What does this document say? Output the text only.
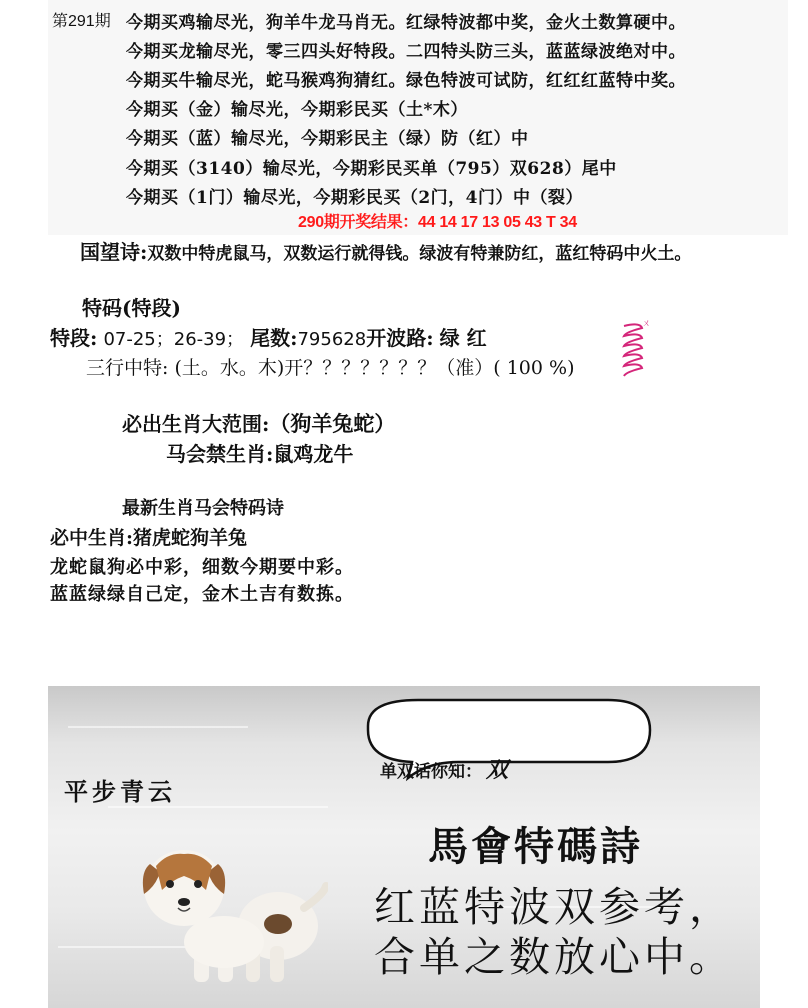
第291期 今期买鸡输尽光，狗羊牛龙马肖无。红绿特波都中奖，金火土数算硬中。
今期买龙输尽光，零三四头好特段。二四特头防三头，蓝蓝绿波绝对中。
今期买牛输尽光，蛇马猴鸡狗猜红。绿色特波可试防，红红红蓝特中奖。
今期买（金）输尽光，今期彩民买（土*木）
今期买（蓝）输尽光，今期彩民主（绿）防（红）中
今期买（3140）输尽光，今期彩民买单（795）双628）尾中
今期买（1门）输尽光，今期彩民买（2门，4门）中（裂）
290期开奖结果：44 14 17 13 05 43 T 34
国望诗:双数中特虎鼠马，双数运行就得钱。绿波有特兼防红，蓝红特码中火土。
特码(特段)
特段: 07-25；26-39； 尾数:795628开波路: 绿 红
三行中特: (土。水。木)开？？？？？？？（准）( 100 %)
ㄨ
必出生肖大范围:（狗羊兔蛇）
马会禁生肖:鼠鸡龙牛
最新生肖马会特码诗
必中生肖:猪虎蛇狗羊兔
龙蛇鼠狗必中彩，细数今期要中彩。
蓝蓝绿绿自己定，金木土吉有数拣。
单双话你知： 双
平步青云
馬會特碼詩
红蓝特波双参考，
合单之数放心中。
